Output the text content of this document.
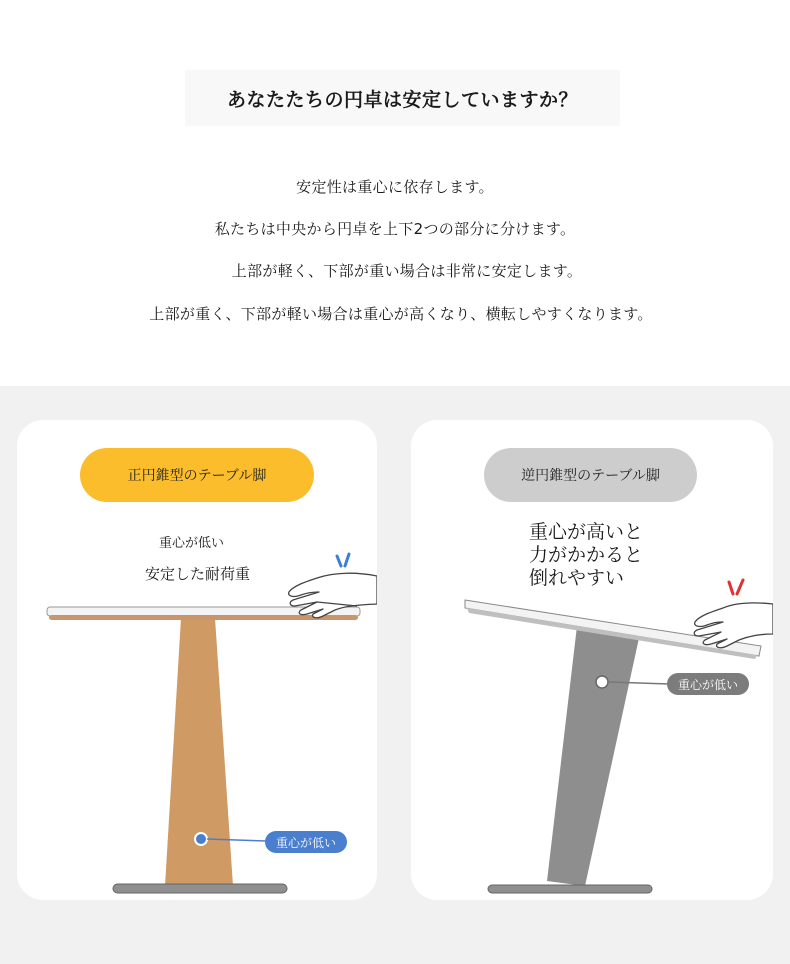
あなたたちの円卓は安定していますか？
安定性は重心に依存します。
私たちは中央から円卓を上下2つの部分に分けます。
上部が軽く、下部が重い場合は非常に安定します。
上部が重く、下部が軽い場合は重心が高くなり、横転しやすくなります。
正円錐型のテーブル脚
重心が低い
安定した耐荷重
重心が低い
逆円錐型のテーブル脚
重心が高いと
力がかかると
倒れやすい
重心が低い
